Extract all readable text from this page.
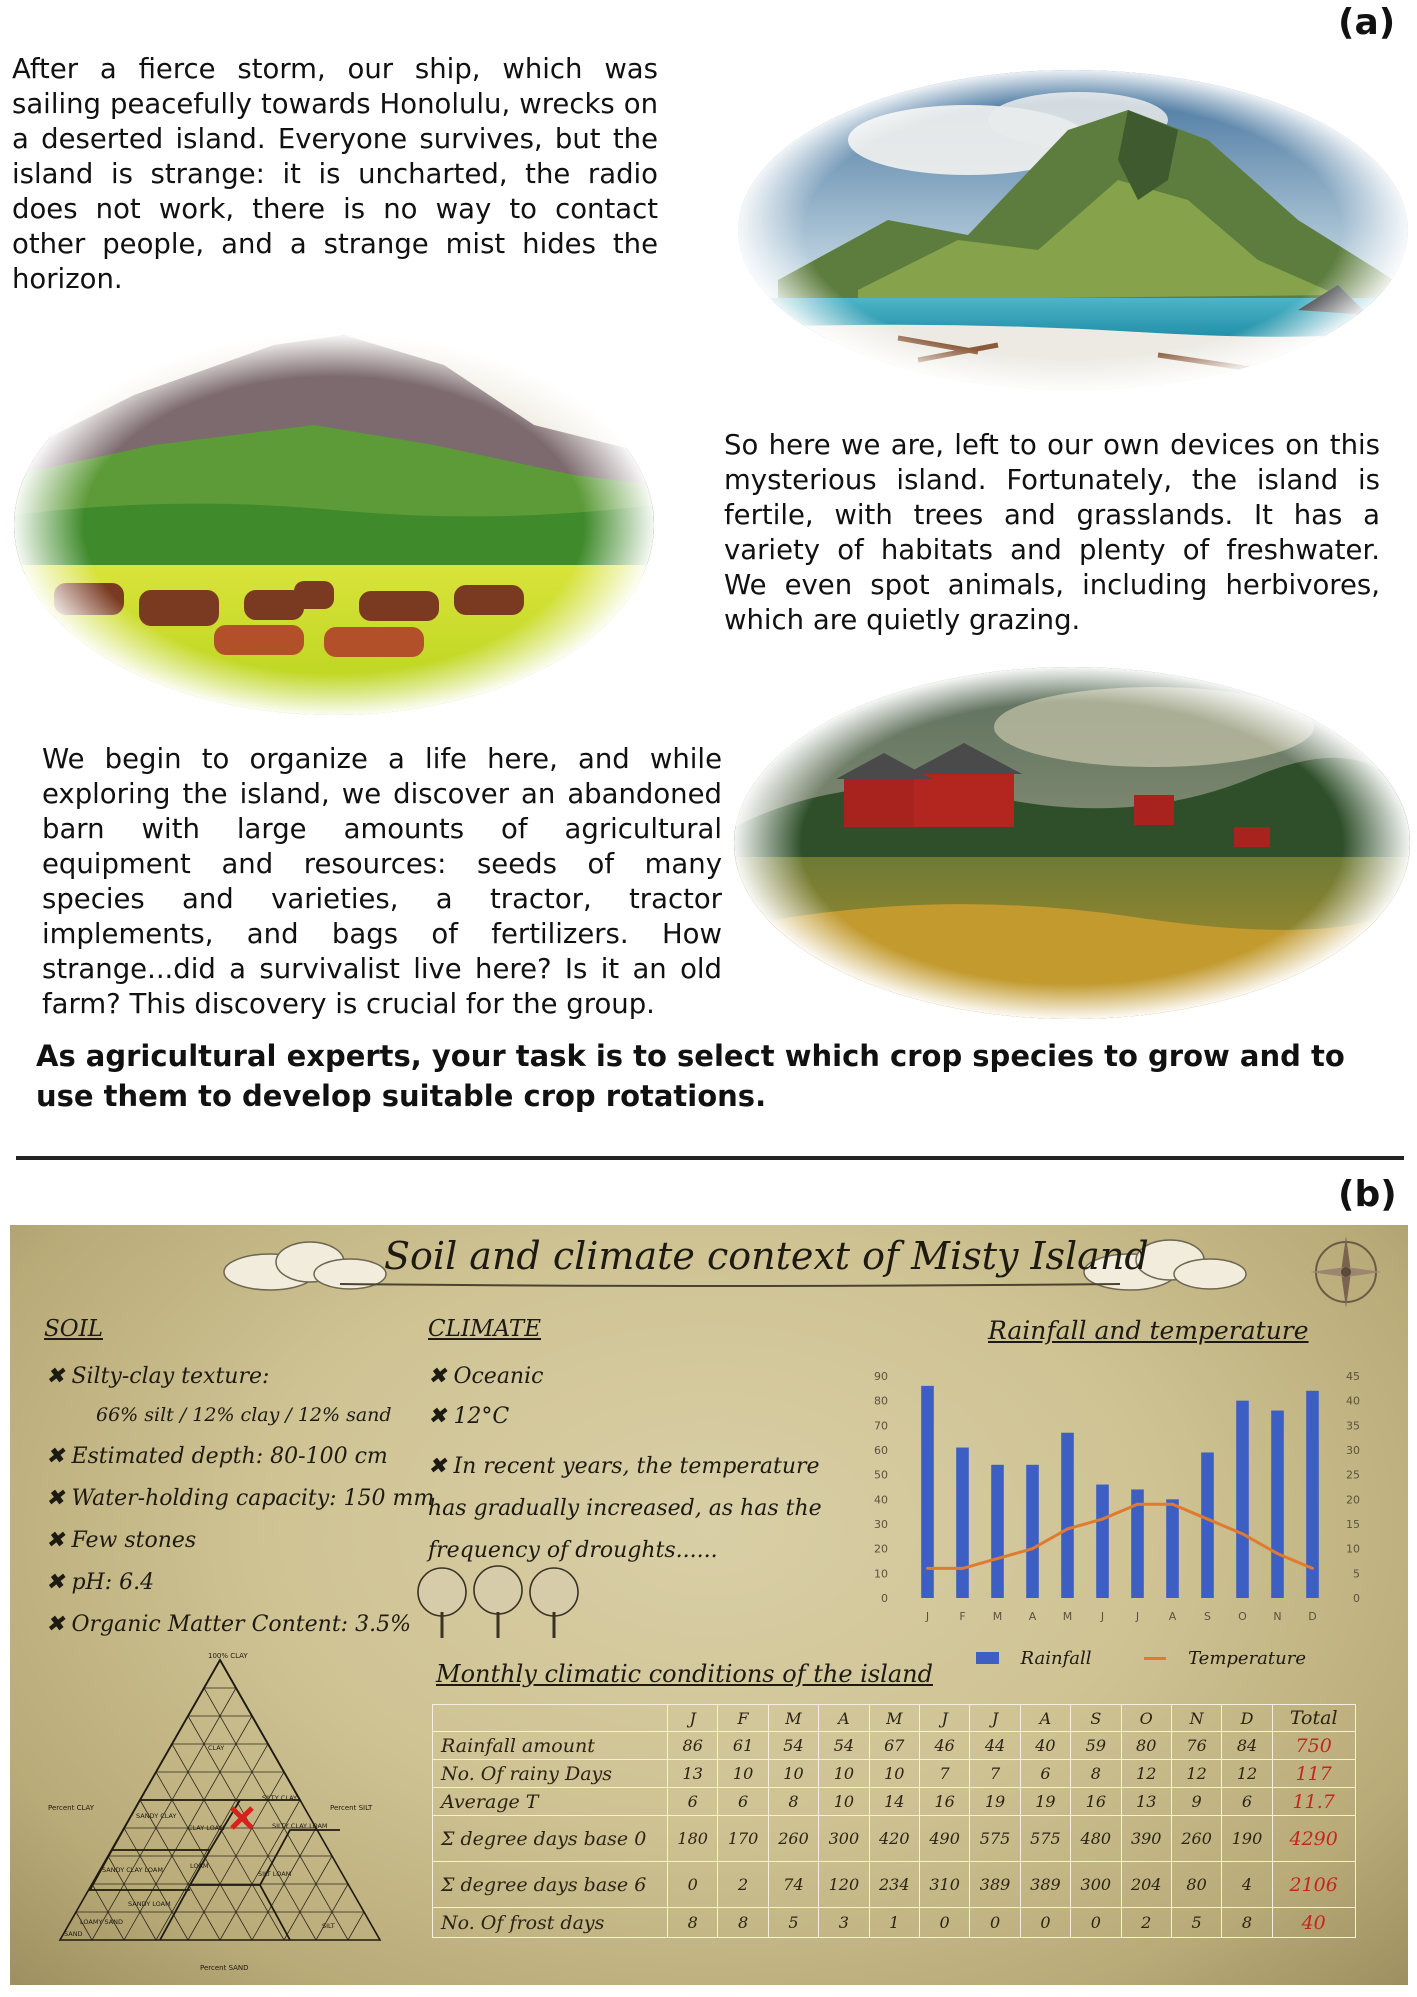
(a)
After a fierce storm, our ship, which was sailing peacefully towards Honolulu, wrecks on a deserted island. Everyone survives, but the island is strange: it is uncharted, the radio does not work, there is no way to contact other people, and a strange mist hides the horizon.
So here we are, left to our own devices on this mysterious island. Fortunately, the island is fertile, with trees and grasslands. It has a variety of habitats and plenty of freshwater. We even spot animals, including herbivores, which are quietly grazing.
We begin to organize a life here, and while exploring the island, we discover an abandoned barn with large amounts of agricultural equipment and resources: seeds of many species and varieties, a tractor, tractor implements, and bags of fertilizers. How strange...did a survivalist live here? Is it an old farm? This discovery is crucial for the group.
As agricultural experts, your task is to select which crop species to grow and to use them to develop suitable crop rotations.
(b)
Soil and climate context of Misty Island
SOIL
✖ Silty-clay texture:
66% silt / 12% clay / 12% sand
✖ Estimated depth: 80-100 cm
✖ Water-holding capacity: 150 mm
✖ Few stones
✖ pH: 6.4
✖ Organic Matter Content: 3.5%
CLIMATE
✖ Oceanic
✖ 12°C
✖ In recent years, the temperature has gradually increased, as has the frequency of droughts......
100% CLAY
Percent CLAY	Percent SILT
Percent SAND
CLAY
SILTY CLAY
SANDY CLAY
CLAY LOAM	SILTY CLAY LOAM
SANDY CLAY LOAM	LOAM
SILT LOAM
SANDY LOAM
LOAMY SAND
SAND
SILT
Rainfall and temperature
90
80
70
60
50
40
30
20
10
0
45
40
35
30
25
20
15
10
5
0
J	F M A M	J	J	A	S O N D
Rainfall	Temperature
Monthly climatic conditions of the island
	J	F	M	A	M	J	J	A	S	O	N	D	Total
Rainfall amount	86	61	54	54	67	46	44	40	59	80	76	84	750
No. Of rainy Days	13	10	10	10	10	7	7	6	8	12	12	12	117
Average T	6	6	8	10	14	16	19	19	16	13	9	6	11.7
Σ degree days base 0	180	170	260	300	420	490	575	575	480	390	260	190	4290
Σ degree days base 6	0	2	74	120	234	310	389	389	300	204	80	4	2106
No. Of frost days	8	8	5	3	1	0	0	0	0	2	5	8	40
